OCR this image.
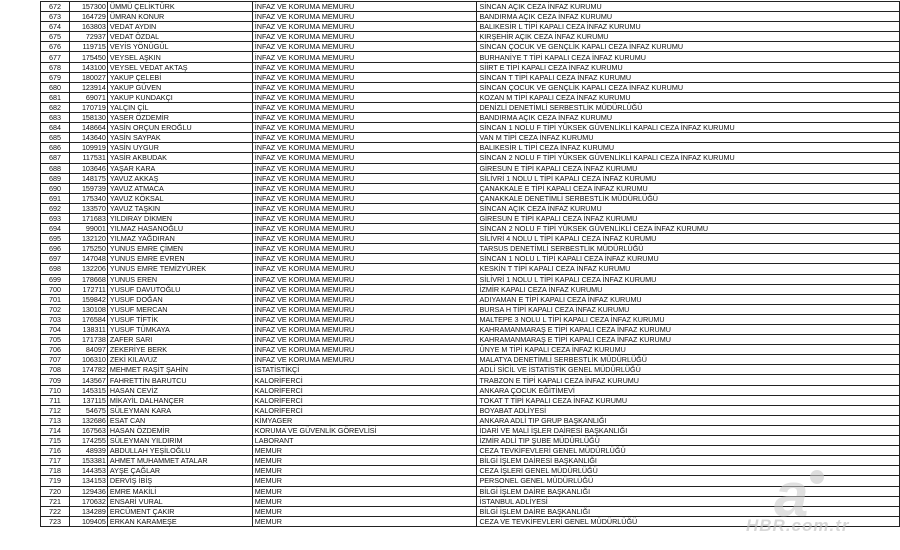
672	157300	ÜMMÜ ÇELİKTÜRK	İNFAZ VE KORUMA MEMURU	SİNCAN AÇIK CEZA İNFAZ KURUMU
673	164729	ÜMRAN KONUR	İNFAZ VE KORUMA MEMURU	BANDIRMA AÇIK CEZA İNFAZ KURUMU
674	163803	VEDAT AYDIN	İNFAZ VE KORUMA MEMURU	BALIKESİR L TİPİ KAPALI CEZA İNFAZ KURUMU
675	72937	VEDAT ÖZDAL	İNFAZ VE KORUMA MEMURU	KIRŞEHİR AÇIK CEZA İNFAZ KURUMU
676	119715	VEYİS YÖNÜGÜL	İNFAZ VE KORUMA MEMURU	SİNCAN ÇOCUK VE GENÇLİK KAPALI CEZA İNFAZ KURUMU
677	175450	VEYSEL AŞKIN	İNFAZ VE KORUMA MEMURU	BURHANİYE T TİPİ KAPALI CEZA İNFAZ KURUMU
678	143100	VEYSEL VEDAT AKTAŞ	İNFAZ VE KORUMA MEMURU	SİİRT E TİPİ KAPALI CEZA İNFAZ KURUMU
679	180027	YAKUP ÇELEBİ	İNFAZ VE KORUMA MEMURU	SİNCAN T TİPİ KAPALI CEZA İNFAZ KURUMU
680	123914	YAKUP GÜVEN	İNFAZ VE KORUMA MEMURU	SİNCAN ÇOCUK VE GENÇLİK KAPALI CEZA İNFAZ KURUMU
681	69071	YAKUP KUNDAKÇI	İNFAZ VE KORUMA MEMURU	KOZAN M TİPİ KAPALI CEZA İNFAZ KURUMU
682	170719	YALÇIN ÇİL	İNFAZ VE KORUMA MEMURU	DENİZLİ DENETİMLİ SERBESTLİK MÜDÜRLÜĞÜ
683	158130	YASER ÖZDEMİR	İNFAZ VE KORUMA MEMURU	BANDIRMA AÇIK CEZA İNFAZ KURUMU
684	148664	YASİN ORÇUN EROĞLU	İNFAZ VE KORUMA MEMURU	SİNCAN 1 NOLU F TİPİ YÜKSEK GÜVENLİKLİ KAPALI CEZA İNFAZ KURUMU
685	143640	YASİN SAYPAK	İNFAZ VE KORUMA MEMURU	VAN M TİPİ CEZA İNFAZ KURUMU
686	109919	YASİN UYGUR	İNFAZ VE KORUMA MEMURU	BALIKESİR L TİPİ CEZA İNFAZ KURUMU
687	117531	YASİR AKBUDAK	İNFAZ VE KORUMA MEMURU	SİNCAN 2 NOLU F TİPİ YÜKSEK GÜVENLİKLİ KAPALI CEZA İNFAZ KURUMU
688	103646	YAŞAR KARA	İNFAZ VE KORUMA MEMURU	GİRESUN E TİPİ KAPALI CEZA İNFAZ KURUMU
689	148175	YAVUZ AKKAŞ	İNFAZ VE KORUMA MEMURU	SİLİVRİ 1 NOLU L TİPİ KAPALI CEZA İNFAZ KURUMU
690	159739	YAVUZ ATMACA	İNFAZ VE KORUMA MEMURU	ÇANAKKALE E TİPİ KAPALI CEZA İNFAZ KURUMU
691	175340	YAVUZ KÖKSAL	İNFAZ VE KORUMA MEMURU	ÇANAKKALE DENETİMLİ SERBESTLİK MÜDÜRLÜĞÜ
692	133570	YAVUZ TAŞKIN	İNFAZ VE KORUMA MEMURU	SİNCAN AÇIK CEZA İNFAZ KURUMU
693	171683	YILDIRAY DİKMEN	İNFAZ VE KORUMA MEMURU	GİRESUN E TİPİ KAPALI CEZA İNFAZ KURUMU
694	99001	YILMAZ HASANOĞLU	İNFAZ VE KORUMA MEMURU	SİNCAN 2 NOLU F TİPİ YÜKSEK GÜVENLİKLİ CEZA İNFAZ KURUMU
695	132120	YILMAZ YAĞDIRAN	İNFAZ VE KORUMA MEMURU	SİLİVRİ 4 NOLU L TİPİ KAPALI CEZA İNFAZ KURUMU
696	175250	YUNUS EMRE ÇİMEN	İNFAZ VE KORUMA MEMURU	TARSUS DENETİMLİ SERBESTLİK MÜDÜRLÜĞÜ
697	147048	YUNUS EMRE EVREN	İNFAZ VE KORUMA MEMURU	SİNCAN 1 NOLU L TİPİ KAPALI CEZA İNFAZ KURUMU
698	132206	YUNUS EMRE TEMİZYÜREK	İNFAZ VE KORUMA MEMURU	KESKİN T TİPİ KAPALI CEZA İNFAZ KURUMU
699	178668	YUNUS EREN	İNFAZ VE KORUMA MEMURU	SİLİVRİ 1 NOLU L TİPİ KAPALI CEZA İNFAZ KURUMU
700	172711	YUSUF DAVUTOĞLU	İNFAZ VE KORUMA MEMURU	İZMİR KAPALI CEZA İNFAZ KURUMU
701	159842	YUSUF DOĞAN	İNFAZ VE KORUMA MEMURU	ADIYAMAN E TİPİ KAPALI CEZA İNFAZ KURUMU
702	130108	YUSUF MERCAN	İNFAZ VE KORUMA MEMURU	BURSA H TİPİ KAPALI CEZA İNFAZ KURUMU
703	176584	YUSUF TİFTİK	İNFAZ VE KORUMA MEMURU	MALTEPE 3 NOLU L TİPİ KAPALI CEZA İNFAZ KURUMU
704	138311	YUSUF TÜMKAYA	İNFAZ VE KORUMA MEMURU	KAHRAMANMARAŞ E TİPİ KAPALI CEZA İNFAZ KURUMU
705	171738	ZAFER SARI	İNFAZ VE KORUMA MEMURU	KAHRAMANMARAŞ E TİPİ KAPALI CEZA İNFAZ KURUMU
706	84097	ZEKERİYE BERK	İNFAZ VE KORUMA MEMURU	ÜNYE M TİPİ KAPALI CEZA İNFAZ KURUMU
707	106310	ZEKİ KILAVUZ	İNFAZ VE KORUMA MEMURU	MALATYA DENETİMLİ SERBESTLİK MÜDÜRLÜĞÜ
708	174782	MEHMET RAŞİT ŞAHİN	İSTATİSTİKÇİ	ADLİ SİCİL VE İSTATİSTİK GENEL MÜDÜRLÜĞÜ
709	143567	FAHRETTİN BARUTCU	KALORİFERCİ	TRABZON E TİPİ KAPALI CEZA İNFAZ KURUMU
710	145315	HASAN CEVİZ	KALORİFERCİ	ANKARA ÇOCUK EĞİTİMEVİ
711	137115	MİKAYİL DALHANÇER	KALORİFERCİ	TOKAT T TİPİ KAPALI CEZA İNFAZ KURUMU
712	54675	SÜLEYMAN KARA	KALORİFERCİ	BOYABAT ADLİYESİ
713	132686	ESAT CAN	KİMYAGER	ANKARA ADLİ TIP GRUP BAŞKANLIĞI
714	167563	HASAN ÖZDEMİR	KORUMA VE GÜVENLİK GÖREVLİSİ	İDARİ VE MALİ İŞLER DAİRESİ BAŞKANLIĞI
715	174255	SÜLEYMAN YILDIRIM	LABORANT	İZMİR ADLİ TIP ŞUBE MÜDÜRLÜĞÜ
716	48939	ABDULLAH YEŞİLOĞLU	MEMUR	CEZA TEVKİFEVLERİ GENEL MÜDÜRLÜĞÜ
717	153381	AHMET MUHAMMET ATALAR	MEMUR	BİLGİ İŞLEM DAİRESİ BAŞKANLIĞI
718	144353	AYŞE ÇAĞLAR	MEMUR	CEZA İŞLERİ GENEL MÜDÜRLÜĞÜ
719	134153	DERVİŞ İBİŞ	MEMUR	PERSONEL GENEL MÜDÜRLÜĞÜ
720	129436	EMRE MAKİLİ	MEMUR	BİLGİ İŞLEM DAİRE BAŞKANLIĞI
721	170632	ENSARİ VURAL	MEMUR	İSTANBUL ADLİYESİ
722	134289	ERCÜMENT ÇAKIR	MEMUR	BİLGİ İŞLEM DAİRE BAŞKANLIĞI
723	109405	ERKAN KARAMEŞE	MEMUR	CEZA VE TEVKİFEVLERİ GENEL MÜDÜRLÜĞÜ a
HBR.com.tr
